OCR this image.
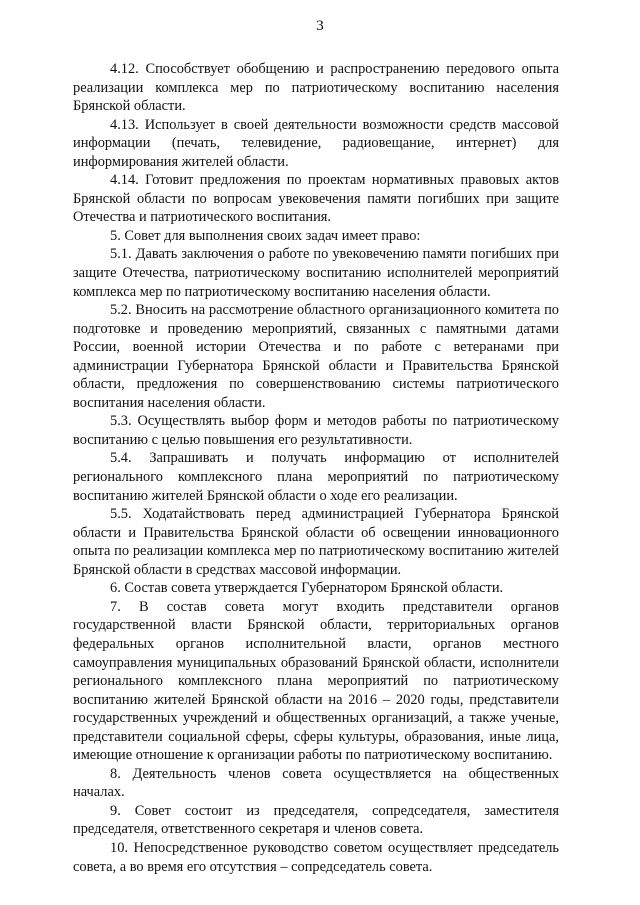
3

4.12. Способствует обобщению и распространению передового опыта реализации комплекса мер по патриотическому воспитанию населения Брянской области.

4.13. Использует в своей деятельности возможности средств массовой информации (печать, телевидение, радиовещание, интернет) для информирования жителей области.

4.14. Готовит предложения по проектам нормативных правовых актов Брянской области по вопросам увековечения памяти погибших при защите Отечества и патриотического воспитания.

5. Совет для выполнения своих задач имеет право:

5.1. Давать заключения о работе по увековечению памяти погибших при защите Отечества, патриотическому воспитанию исполнителей мероприятий комплекса мер по патриотическому воспитанию населения области.

5.2. Вносить на рассмотрение областного организационного комитета по подготовке и проведению мероприятий, связанных с памятными датами России, военной истории Отечества и по работе с ветеранами при администрации Губернатора Брянской области и Правительства Брянской области, предложения по совершенствованию системы патриотического воспитания населения области.

5.3. Осуществлять выбор форм и методов работы по патриотическому воспитанию с целью повышения его результативности.

5.4. Запрашивать и получать информацию от исполнителей регионального комплексного плана мероприятий по патриотическому воспитанию жителей Брянской области о ходе его реализации.

5.5. Ходатайствовать перед администрацией Губернатора Брянской области и Правительства Брянской области об освещении инновационного опыта по реализации комплекса мер по патриотическому воспитанию жителей Брянской области в средствах массовой информации.

6. Состав совета утверждается Губернатором Брянской области.

7. В состав совета могут входить представители органов государственной власти Брянской области, территориальных органов федеральных органов исполнительной власти, органов местного самоуправления муниципальных образований Брянской области, исполнители регионального комплексного плана мероприятий по патриотическому воспитанию жителей Брянской области на 2016 – 2020 годы, представители государственных учреждений и общественных организаций, а также ученые, представители социальной сферы, сферы культуры, образования, иные лица, имеющие отношение к организации работы по патриотическому воспитанию.

8. Деятельность членов совета осуществляется на общественных началах.

9. Совет состоит из председателя, сопредседателя, заместителя председателя, ответственного секретаря и членов совета.

10. Непосредственное руководство советом осуществляет председатель совета, а во время его отсутствия – сопредседатель совета.
